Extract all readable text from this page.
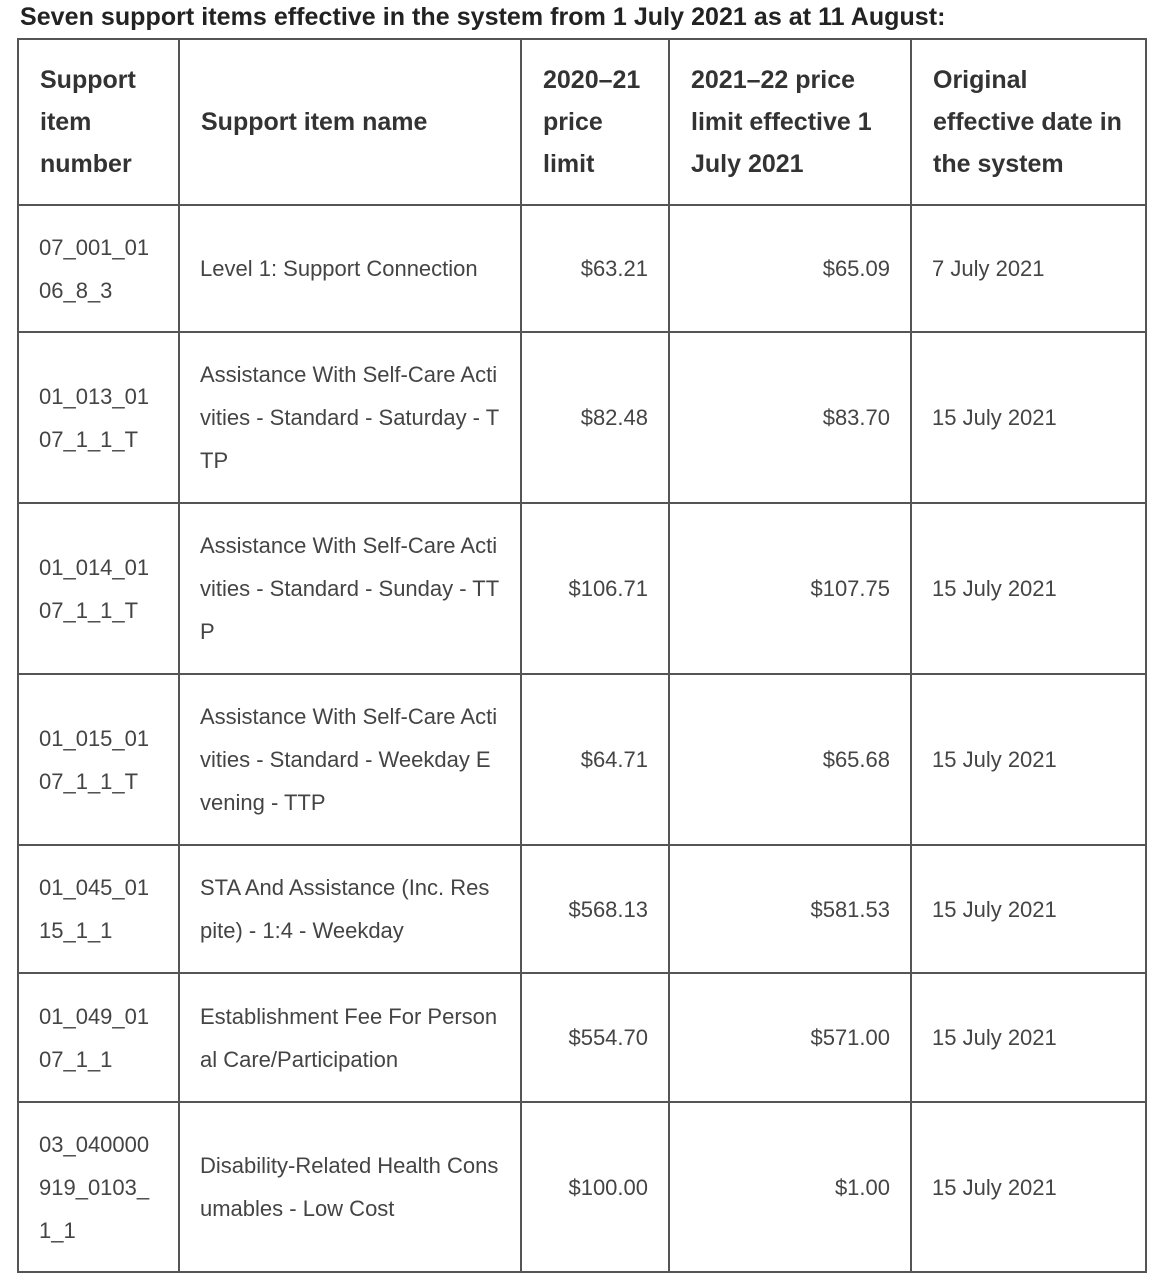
Seven support items effective in the system from 1 July 2021 as at 11 August:
Support item number	Support item name	2020–21 price limit	2021–22 price limit effective 1 July 2021	Original effective date in the system
07_001_0106_8_3	Level 1: Support Connection	$63.21	$65.09	7 July 2021
01_013_0107_1_1_T	Assistance With Self-Care Activities - Standard - Saturday - TTP	$82.48	$83.70	15 July 2021
01_014_0107_1_1_T	Assistance With Self-Care Activities - Standard - Sunday - TTP	$106.71	$107.75	15 July 2021
01_015_0107_1_1_T	Assistance With Self-Care Activities - Standard - Weekday Evening - TTP	$64.71	$65.68	15 July 2021
01_045_0115_1_1	STA And Assistance (Inc. Respite) - 1:4 - Weekday	$568.13	$581.53	15 July 2021
01_049_0107_1_1	Establishment Fee For Personal Care/Participation	$554.70	$571.00	15 July 2021
03_040000919_0103_1_1	Disability-Related Health Consumables - Low Cost	$100.00	$1.00	15 July 2021
